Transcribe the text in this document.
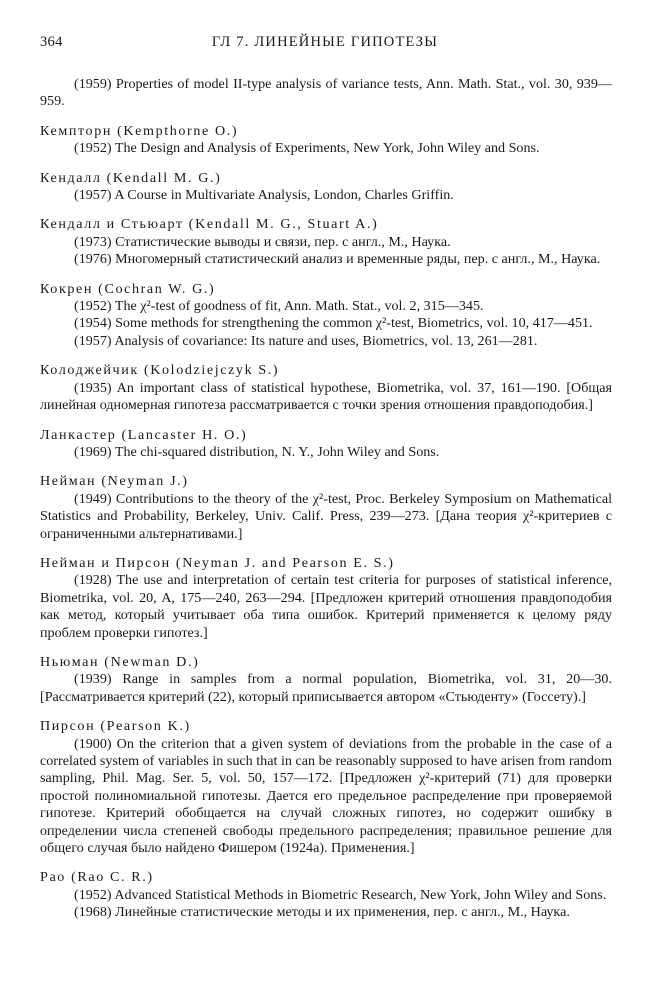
364	ГЛ 7. ЛИНЕЙНЫЕ ГИПОТЕЗЫ
(1959) Properties of model II-type analysis of variance tests, Ann. Math. Stat., vol. 30, 939—959.
Кемпторн (Kempthorne O.)
(1952) The Design and Analysis of Experiments, New York, John Wiley and Sons.
Кендалл (Kendall M. G.)
(1957) A Course in Multivariate Analysis, London, Charles Griffin.
Кендалл и Стьюарт (Kendall M. G., Stuart A.)
(1973) Статистические выводы и связи, пер. с англ., М., Наука.
(1976) Многомерный статистический анализ и временные ряды, пер. с англ., М., Наука.
Кокрен (Cochran W. G.)
(1952) The χ²-test of goodness of fit, Ann. Math. Stat., vol. 2, 315—345.
(1954) Some methods for strengthening the common χ²-test, Biometrics, vol. 10, 417—451.
(1957) Analysis of covariance: Its nature and uses, Biometrics, vol. 13, 261—281.
Колоджейчик (Kolodziejczyk S.)
(1935) An important class of statistical hypothese, Biometrika, vol. 37, 161—190. [Общая линейная одномерная гипотеза рассматривается с точки зрения отношения правдоподобия.]
Ланкастер (Lancaster H. O.)
(1969) The chi-squared distribution, N. Y., John Wiley and Sons.
Нейман (Neyman J.)
(1949) Contributions to the theory of the χ²-test, Proc. Berkeley Symposium on Mathematical Statistics and Probability, Berkeley, Univ. Calif. Press, 239—273. [Дана теория χ²-критериев с ограниченными альтернативами.]
Нейман и Пирсон (Neyman J. and Pearson E. S.)
(1928) The use and interpretation of certain test criteria for purposes of statistical inference, Biometrika, vol. 20, A, 175—240, 263—294. [Предложен критерий отношения правдоподобия как метод, который учитывает оба типа ошибок. Критерий применяется к целому ряду проблем проверки гипотез.]
Ньюман (Newman D.)
(1939) Range in samples from a normal population, Biometrika, vol. 31, 20—30. [Рассматривается критерий (22), который приписывается автором «Стьюденту» (Госсету).]
Пирсон (Pearson K.)
(1900) On the criterion that a given system of deviations from the probable in the case of a correlated system of variables in such that in can be reasonably supposed to have arisen from random sampling, Phil. Mag. Ser. 5, vol. 50, 157—172. [Предложен χ²-критерий (71) для проверки простой полиномиальной гипотезы. Дается его предельное распределение при проверяемой гипотезе. Критерий обобщается на случай сложных гипотез, но содержит ошибку в определении числа степеней свободы предельного распределения; правильное решение для общего случая было найдено Фишером (1924а). Применения.]
Рао (Rao C. R.)
(1952) Advanced Statistical Methods in Biometric Research, New York, John Wiley and Sons.
(1968) Линейные статистические методы и их применения, пер. с англ., М., Наука.
